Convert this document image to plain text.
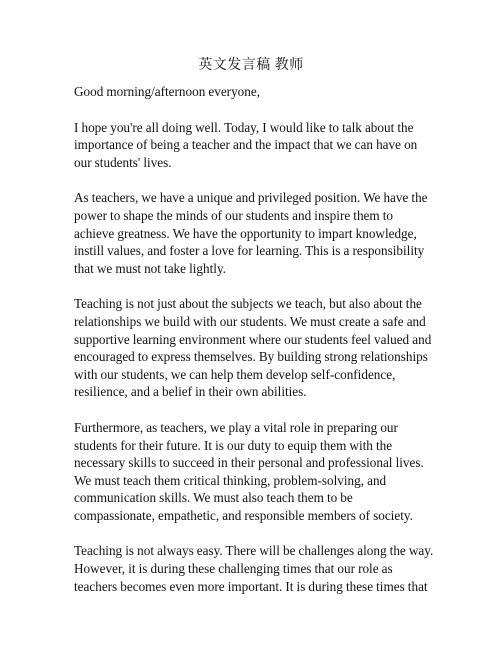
英文发言稿 教师

Good morning/afternoon everyone,

I hope you're all doing well. Today, I would like to talk about the importance of being a teacher and the impact that we can have on our students' lives.

As teachers, we have a unique and privileged position. We have the power to shape the minds of our students and inspire them to achieve greatness. We have the opportunity to impart knowledge, instill values, and foster a love for learning. This is a responsibility that we must not take lightly.

Teaching is not just about the subjects we teach, but also about the relationships we build with our students. We must create a safe and supportive learning environment where our students feel valued and encouraged to express themselves. By building strong relationships with our students, we can help them develop self-confidence, resilience, and a belief in their own abilities.

Furthermore, as teachers, we play a vital role in preparing our students for their future. It is our duty to equip them with the necessary skills to succeed in their personal and professional lives. We must teach them critical thinking, problem-solving, and communication skills. We must also teach them to be compassionate, empathetic, and responsible members of society.

Teaching is not always easy. There will be challenges along the way. However, it is during these challenging times that our role as teachers becomes even more important. It is during these times that
